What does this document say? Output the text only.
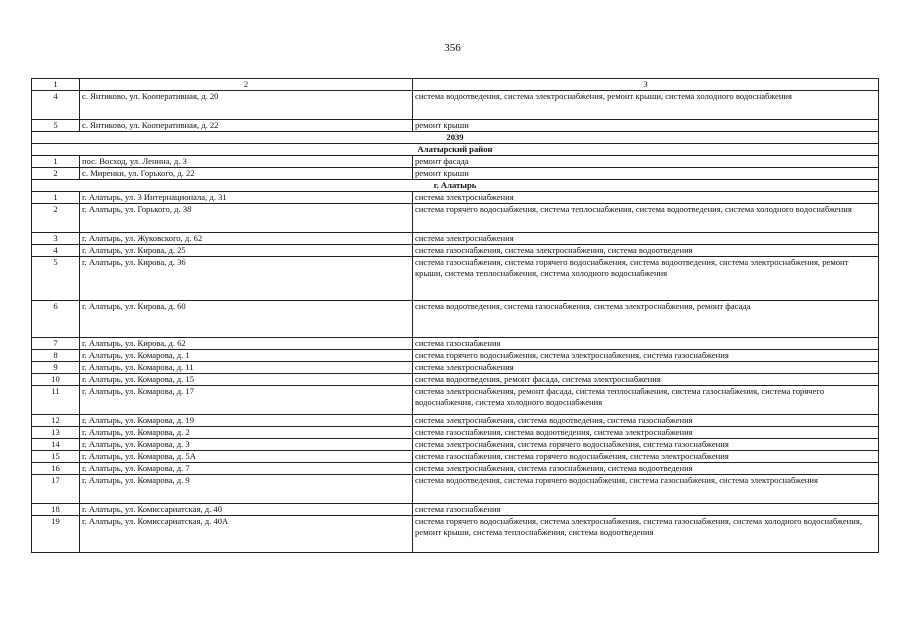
356
1	2	3
4	с. Янтиково, ул. Кооперативная, д. 20	система водоотведения, система электроснабжения, ремонт крыши, система холодного водоснабжения
5	с. Янтиково, ул. Кооперативная, д. 22	ремонт крыши
2039		
Алатырский район		
1	пос. Восход, ул. Ленина, д. 3	ремонт фасада
2	с. Миренки, ул. Горького, д. 22	ремонт крыши
г. Алатырь		
1	г. Алатырь, ул. 3 Интернационала, д. 31	система электроснабжения
2	г. Алатырь, ул. Горького, д. 38	система горячего водоснабжения, система теплоснабжения, система водоотведения, система холодного водоснабжения
3	г. Алатырь, ул. Жуковского, д. 62	система электроснабжения
4	г. Алатырь, ул. Кирова, д. 25	система газоснабжения, система электроснабжения, система водоотведения
5	г. Алатырь, ул. Кирова, д. 36	система газоснабжения, система горячего водоснабжения, система водоотведения, система электроснабжения, ремонт крыши, система теплоснабжения, система холодного водоснабжения
6	г. Алатырь, ул. Кирова, д. 60	система водоотведения, система газоснабжения, система электроснабжения, ремонт фасада
7	г. Алатырь, ул. Кирова, д. 62	система газоснабжения
8	г. Алатырь, ул. Комарова, д. 1	система горячего водоснабжения, система электроснабжения, система газоснабжения
9	г. Алатырь, ул. Комарова, д. 11	система электроснабжения
10	г. Алатырь, ул. Комарова, д. 15	система водоотведения, ремонт фасада, система электроснабжения
11	г. Алатырь, ул. Комарова, д. 17	система электроснабжения, ремонт фасада, система теплоснабжения, система газоснабжения, система горячего водоснабжения, система холодного водоснабжения
12	г. Алатырь, ул. Комарова, д. 19	система электроснабжения, система водоотведения, система газоснабжения
13	г. Алатырь, ул. Комарова, д. 2	система газоснабжения, система водоотведения, система электроснабжения
14	г. Алатырь, ул. Комарова, д. 3	система электроснабжения, система горячего водоснабжения, система газоснабжения
15	г. Алатырь, ул. Комарова, д. 5А	система газоснабжения, система горячего водоснабжения, система электроснабжения
16	г. Алатырь, ул. Комарова, д. 7	система электроснабжения, система газоснабжения, система водоотведения
17	г. Алатырь, ул. Комарова, д. 9	система водоотведения, система горячего водоснабжения, система газоснабжения, система электроснабжения
18	г. Алатырь, ул. Комиссариатская, д. 40	система газоснабжения
19	г. Алатырь, ул. Комиссариатская, д. 40А	система горячего водоснабжения, система электроснабжения, система газоснабжения, система холодного водоснабжения, ремонт крыши, система теплоснабжения, система водоотведения
